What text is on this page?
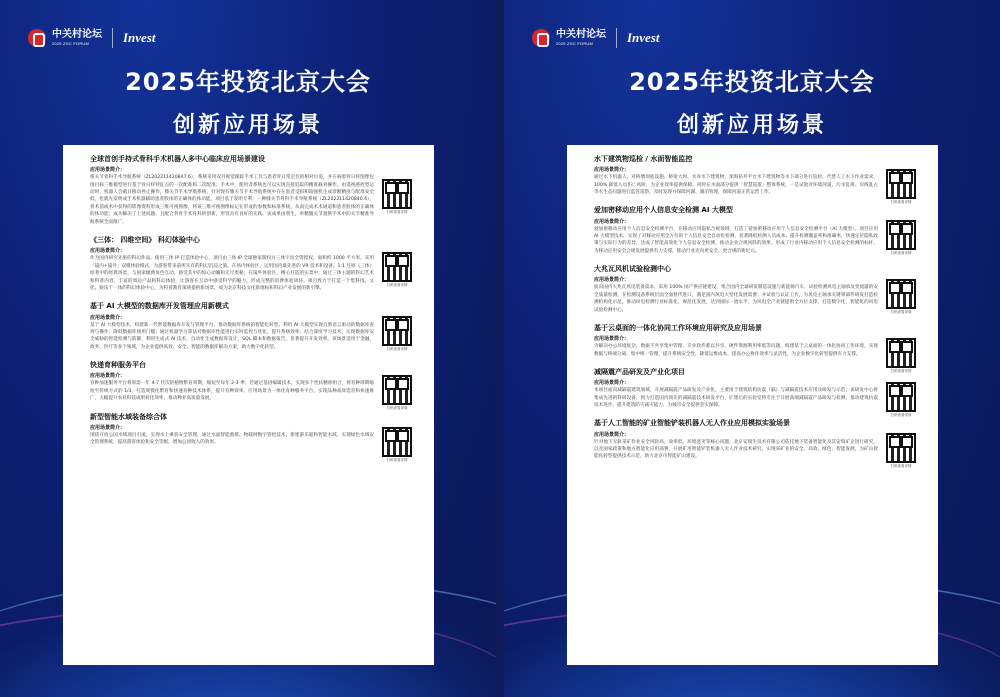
中关村论坛
2025 ZGC FORUM	Invest
2025年投资北京大会
创新应用场景
全球首创手持式骨科手术机器人多中心临床应用场景建设
应用场景简介：
扫码查看详情
根关节骨科手术导航系统（ZL202211420847.6），系统采用双目视觉跟踪手术工具与患者骨日常定位的相对位姿，并在病患骨日样图像包围目标三维模型进行基于骨日样特征点的一次配准和二次配准；手术中，使用者系统也可以实现直接追踪的精准截骨操作。由遥视感控型运动时，机器人会截日移动停止操作，膝关节手术导航系统，针对现有膝关节手术导航系统中存在患者受损和较强机生成诊断精度与配准安全低，也就先发明成手术机器辅助患者股体的正确体的体功能，项目基于发明专利：一种膝关节骨科手术导航系统（ZL202211420840.4），将术前或术中获得的影像资料形成三维可视图像，将该三维可视图像标记在形成的参数和标准系统，从而完成术术通道和患者股体的正确体的体功能；成功解决了上述问题。且配合骨骨手术骨科的创新，形容具有良好的实践。该成果由我生，单精髋关节置换手术中的关节精准导航系统全面推广。
《三体： 四维空间》 科幻体验中心
应用场景简介：
扫码查看详情
作为国内研究先驱的科幻作品，使用三体 IP 打造体验中心，项目由三体 IP 全球独家版权方三体宇宙全资授权，面积约 1000 平方米，采用「镜内+镜外」双模体验模式，为游客带来前所未有的科幻沉浸之旅。在场内体验区，运用国内最先进的 VR 技术和设备，1:1 还原《三体》原著中的经典场景，与国家级典角色互动，感受其中的惊心动魄和无尽奥秘；在镜外体验区，精心打造的实景中，通过三体主题的科幻艺术和科普内容，丰富的周边产品和科幻体验，让游客在互动中感受科学的魅力，形成完整的消费体验闭环。项目致力于打造一个集科技、文化、娱乐于一体的科幻体验中心，为科普教育领域提供新场景，成为北京科技文化新地标和科幻产业发展的新引擎。
基于 AI 大模型的数据库开发管理应用新模式
应用场景简介：
扫码查看详情
基于 AI 大模型技术，构建新一代智能数据库开发与管理平台，推动数据库系统的智能化转型。利用 AI 大模型实现自然语言驱动的数据库查询与操作，降低数据库使用门槛；通过机器学习算法对数据库性能进行实时监控与优化，提升系统效率；结合深度学习技术，实现数据库安全威胁的智能检测与防御，利用生成式 AI 技术，自动化生成数据库设计、SQL 脚本和数据报告，显著提升开发效率。该场景适用于金融、政务、医疗等多个领域，为企业提供高效、安全、智能的数据库解决方案，助力数字化转型。
快递育种服务平台
应用场景简介：
扫码查看详情
育种加速服务平台将原需一年 4-7 代次的植物繁育周期，缩短至每年 2-3 季；若通过基因编辑技术，实现多个性状精准组合，将育种周期缩短至传统方式的 1/3，打造规模化繁育和快速育种技术体系，提升育种效率。应用场景为一体化育种服务平台，实现品种高效选育和快速推广，大幅提升农业科技成果转化效率，推动种业高质量发展。
新型智能水域装备综合体
应用场景简介：
扫码查看详情
围绕开放公园水域项目引流，实现水上乘客安全管理，通过水面智能救援、物联网数字管控技术，新建游乐船和智能水域，实现绿色水域安全管理系统，提高游客体验和安全等级，增加公园收入的效果。
中关村论坛
2025 ZGC FORUM	Invest
2025年投资北京大会
创新应用场景
水下建筑物巡检 / 水面智能监控
应用场景简介：
扫码查看详情
通过水下机器人，对桥墩坝底设施、桥梁大坝、水库水下建筑物、深海钻井平台水下建筑物等水下部分进行巡检，代替人工水下作业需求，100% 降低人员伤亡风险，为企业效率提供保障。同时在水面部分提供「智慧巡逻」整体系统，一是试验对环境河道、污水乱排、岸线乱占等水生态问题进行监管巡察，及时发现并保障河湖、湖泊管理，保障河道正常运营工作。
爱加密移动应用个人信息安全检测 AI 大模型
应用场景简介：
扫码查看详情
爱加密移动应用个人信息安全检测平台，在移动应用隐私合规领域，打造了爱加密移动应用个人信息安全检测平台（AI 大模型）。项目应用 AI 大模型技术，实现了对移动应用全方位的个人信息安全自动化检测，显著降低检测人员成本、提升检测覆盖率和准确率，快速定位隐私政策与实际行为的差异，达成了智能高效化个人信息安全检测，推动企业合规风险的效果。形成了行业内移动应用个人信息安全检测的标杆，为移动应用安全合规发展提供有力支撑，推动行业迈向更安全、更合规的新纪元。
大兆瓦风机试验检测中心
应用场景简介：
扫码查看详情
面向国内大兆瓦风电装备需求，采用 100% 国产供应链建设，集合国内全球研发制造设施与新能源汽车，试验检测风电主轴承及变流器的安全质量检测，在检测设备系统层面全面替代进口，满足国内风电大型化发展需要；并试验与认证工作，为风电主轴承关键零部件研发打造检测机构化示范，推动风电检测行业标准化、规范化发展，达到国际一流水平，为风电全产业链提供全方位支撑，打造数字化、智能化的风电试验检测中心。
基于云桌面的一体化协同工作环境应用研究及应用场景
应用场景简介：
扫码查看详情
为解决办公环境复杂、数据不共享集中管理、专业软件难以共享、硬件资源利用率低等问题，构建基于云桌面的一体化协同工作环境，实现数据与终端分离、集中统一管理，提升系统安全性，降低运维成本，提高办公协作效率与灵活性，为企业数字化转型提供有力支撑。
减隔震产品研发及产业化项目
应用场景简介：
扫码查看详情
本项目面向减隔震建筑领域，开展减隔震产品研发及产业化，主要用于建筑结构抗震（隔）与减隔震技术应用及研发与示范，该研发中心将集成先进的科研设备，致力打造国内领先的减隔震技术研发平台，扩建后的实验室将专注于开展高端减隔震产品研发与检测，推动建筑抗震技术进步，提升建筑防灾减灾能力，为城市安全提供坚实保障。
基于人工智能的矿业智能铲装机器人无人作业应用模拟实验场景
应用场景简介：
扫码查看详情
针对地下无轨采矿作业安全风险高、效率低、环境恶劣等核心问题，北京安瑞生技术有限公司依托地下装备智能化及其安瑞矿企进行研究，以及国家政策和地方智能化应用部署，开展矿用智能铲装机器人无人作业技术研究，实现采矿业的安全、高效、绿色、智能发展，为矿山智能化转型提供技术示范，助力北京市智能矿山建设。
